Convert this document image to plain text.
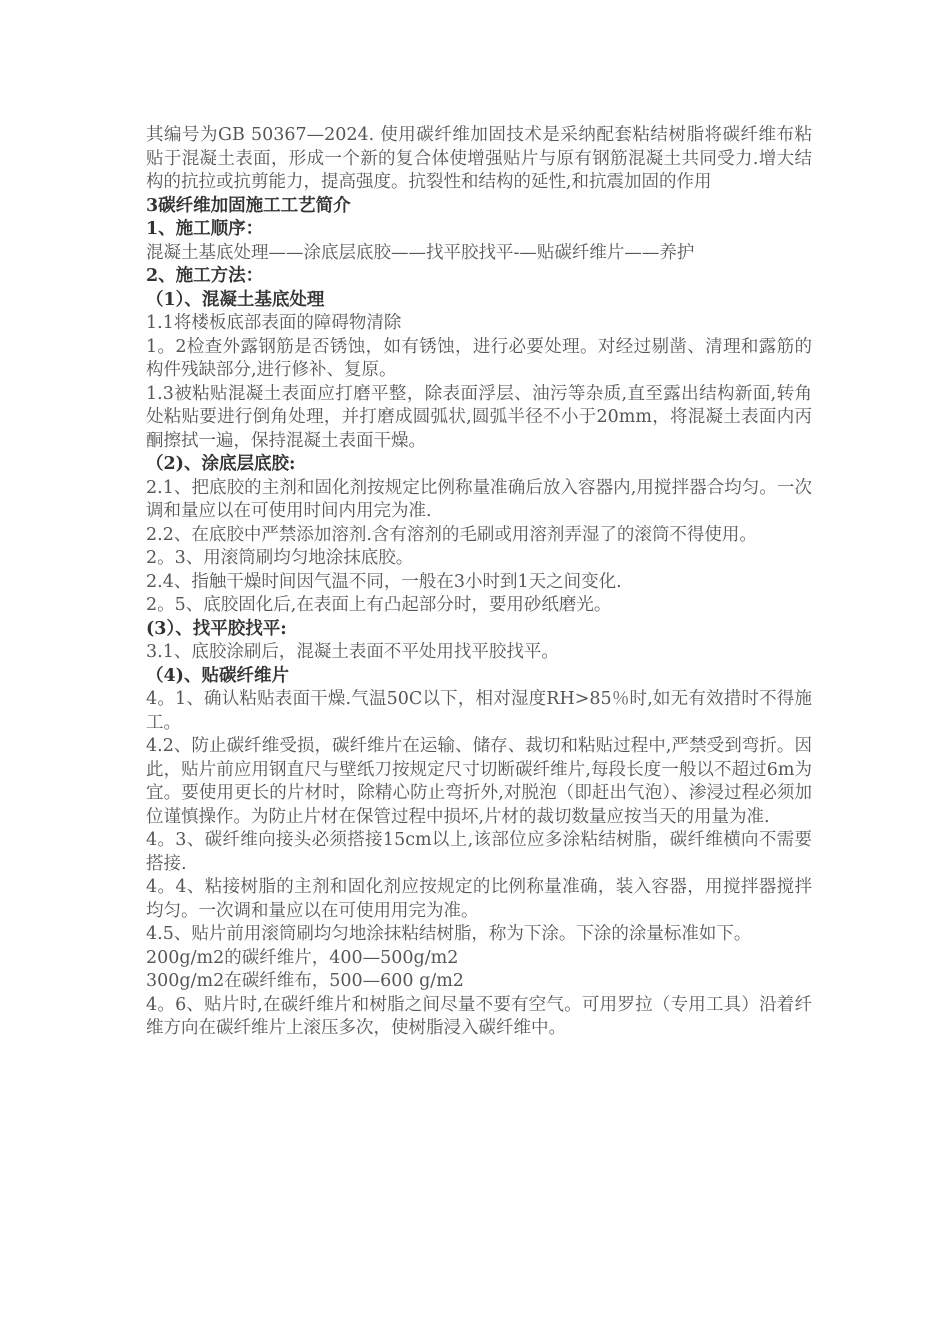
其编号为GB 50367—2024. 使用碳纤维加固技术是采纳配套粘结树脂将碳纤维布粘贴于混凝土表面，形成一个新的复合体使增强贴片与原有钢筋混凝土共同受力.增大结构的抗拉或抗剪能力，提高强度。抗裂性和结构的延性,和抗震加固的作用

3碳纤维加固施工工艺简介

1、施工顺序：

混凝土基底处理——涂底层底胶——找平胶找平-—贴碳纤维片——养护

2、施工方法：

（1）、混凝土基底处理

1.1将楼板底部表面的障碍物清除

1。2检查外露钢筋是否锈蚀，如有锈蚀，进行必要处理。对经过剔凿、清理和露筋的构件残缺部分,进行修补、复原。

1.3被粘贴混凝土表面应打磨平整，除表面浮层、油污等杂质,直至露出结构新面,转角处粘贴要进行倒角处理，并打磨成圆弧状,圆弧半径不小于20mm，将混凝土表面内丙酮擦拭一遍，保持混凝土表面干燥。

（2)、涂底层底胶:

2.1、把底胶的主剂和固化剂按规定比例称量准确后放入容器内,用搅拌器合均匀。一次调和量应以在可使用时间内用完为准.

2.2、在底胶中严禁添加溶剂.含有溶剂的毛刷或用溶剂弄湿了的滚筒不得使用。

2。3、用滚筒刷均匀地涂抹底胶。

2.4、指触干燥时间因气温不同，一般在3小时到1天之间变化.

2。5、底胶固化后,在表面上有凸起部分时，要用砂纸磨光。

(3）、找平胶找平:

3.1、底胶涂刷后，混凝土表面不平处用找平胶找平。

（4)、贴碳纤维片

4。1、确认粘贴表面干燥.气温50C以下，相对湿度RH>85％时,如无有效措时不得施工。

4.2、防止碳纤维受损，碳纤维片在运输、储存、裁切和粘贴过程中,严禁受到弯折。因此，贴片前应用钢直尺与壁纸刀按规定尺寸切断碳纤维片,每段长度一般以不超过6m为宜。要使用更长的片材时，除精心防止弯折外,对脱泡（即赶出气泡）、渗浸过程必须加位谨慎操作。为防止片材在保管过程中损坏,片材的裁切数量应按当天的用量为准.

4。3、碳纤维向接头必须搭接15cm以上,该部位应多涂粘结树脂，碳纤维横向不需要搭接.

4。4、粘接树脂的主剂和固化剂应按规定的比例称量准确，装入容器，用搅拌器搅拌均匀。一次调和量应以在可使用用完为准。

4.5、贴片前用滚筒刷均匀地涂抹粘结树脂，称为下涂。下涂的涂量标准如下。

200g/m2的碳纤维片，400—500g/m2

300g/m2在碳纤维布，500—600 g/m2

4。6、贴片时,在碳纤维片和树脂之间尽量不要有空气。可用罗拉（专用工具）沿着纤维方向在碳纤维片上滚压多次，使树脂浸入碳纤维中。
